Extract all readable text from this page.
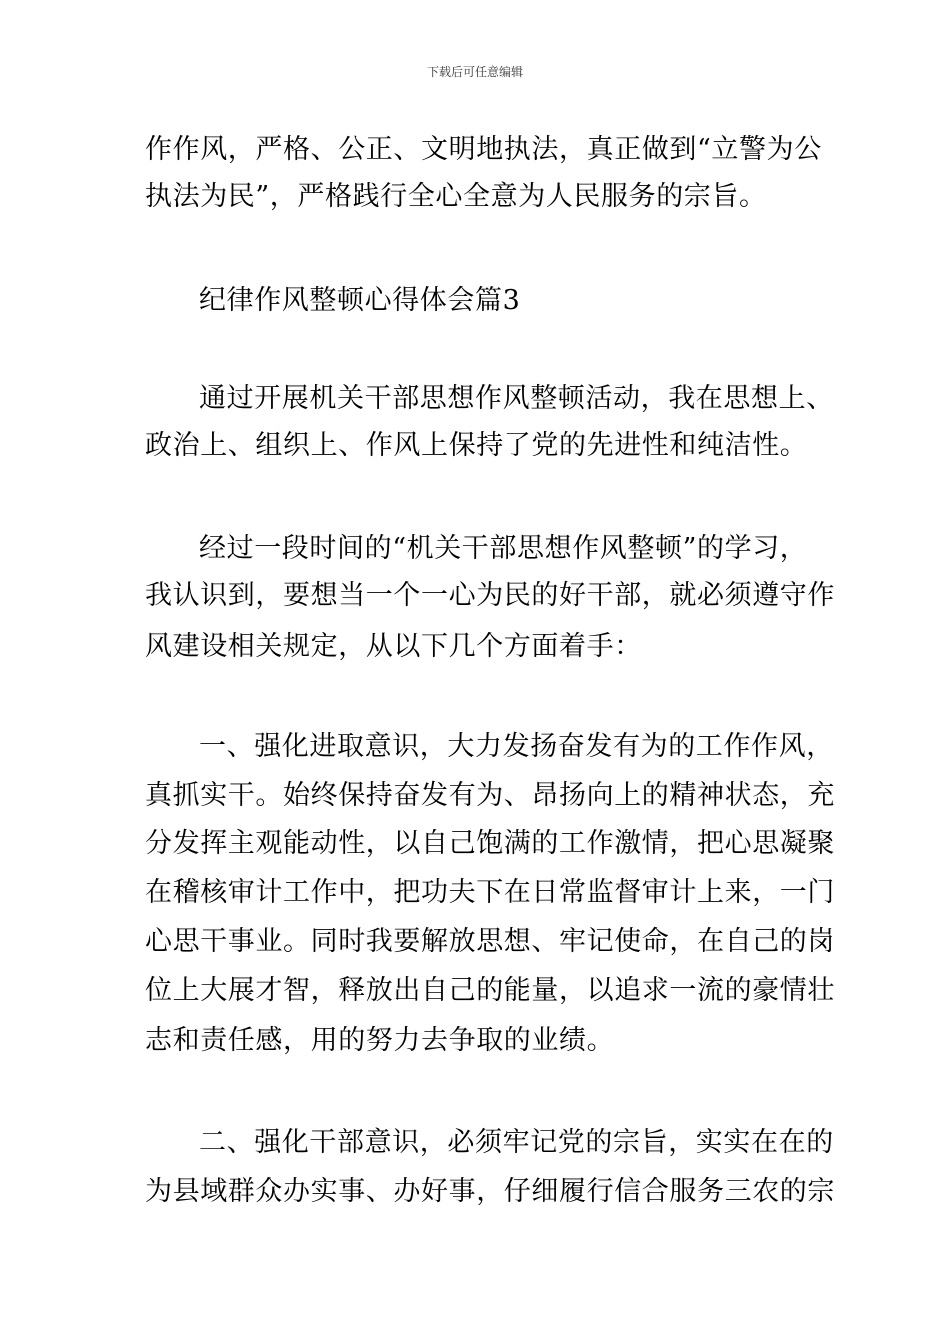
下载后可任意编辑
作作风，严格、公正、文明地执法，真正做到“立警为公
执法为民”，严格践行全心全意为人民服务的宗旨。
纪律作风整顿心得体会篇3
通过开展机关干部思想作风整顿活动，我在思想上、
政治上、组织上、作风上保持了党的先进性和纯洁性。
经过一段时间的“机关干部思想作风整顿”的学习，
我认识到，要想当一个一心为民的好干部，就必须遵守作
风建设相关规定，从以下几个方面着手：
一、强化进取意识，大力发扬奋发有为的工作作风，
真抓实干。始终保持奋发有为、昂扬向上的精神状态，充
分发挥主观能动性，以自己饱满的工作激情，把心思凝聚
在稽核审计工作中，把功夫下在日常监督审计上来，一门
心思干事业。同时我要解放思想、牢记使命，在自己的岗
位上大展才智，释放出自己的能量，以追求一流的豪情壮
志和责任感，用的努力去争取的业绩。
二、强化干部意识，必须牢记党的宗旨，实实在在的
为县域群众办实事、办好事，仔细履行信合服务三农的宗
